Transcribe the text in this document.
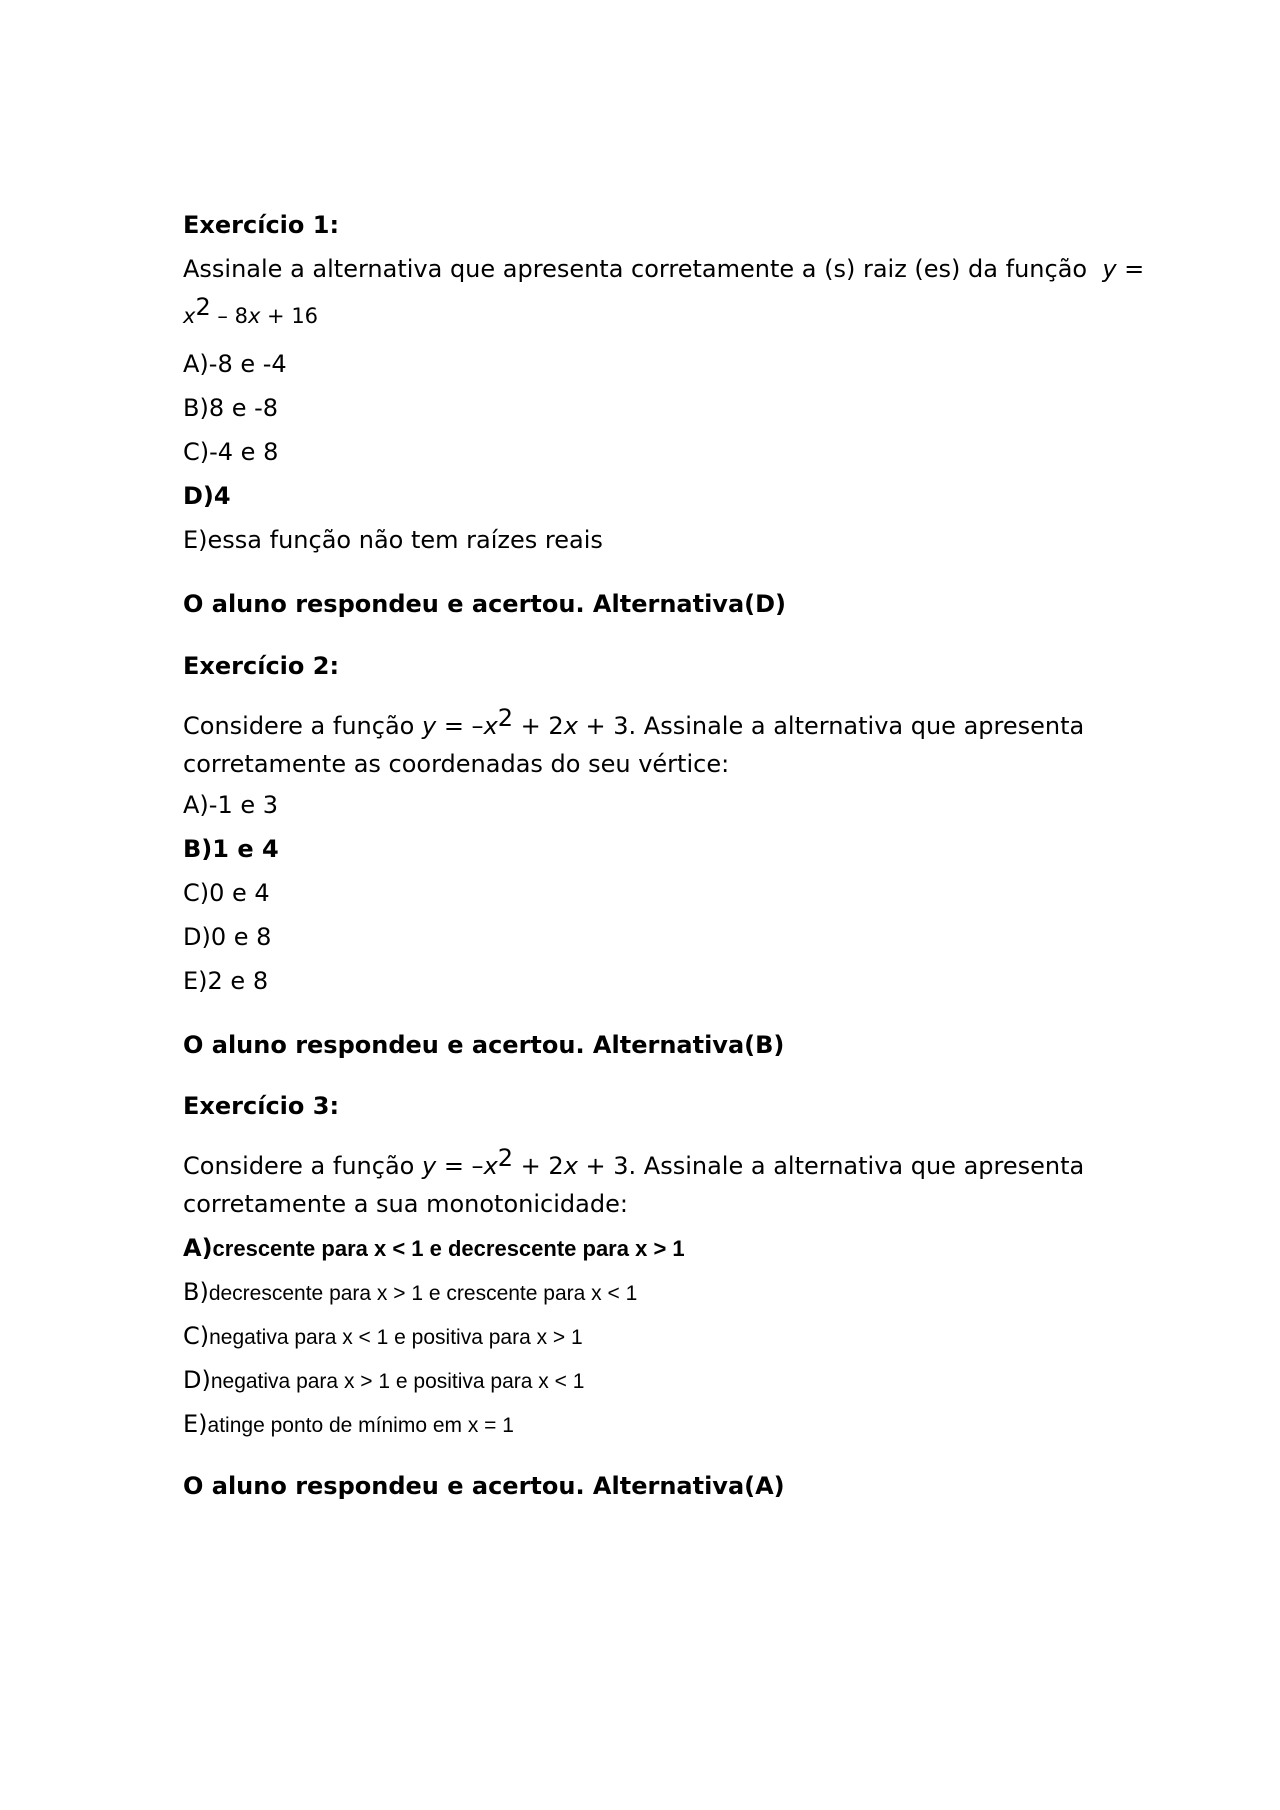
Exercício 1:
Assinale a alternativa que apresenta corretamente a (s) raiz (es) da função y =
$x^2 - 8x + 16$
A)-8 e -4
B)8 e -8
C)-4 e 8
D)4
E)essa função não tem raízes reais
O aluno respondeu e acertou. Alternativa(D)
Exercício 2:
Considere a função $y = -x^2 + 2x + 3$. Assinale a alternativa que apresenta
corretamente as coordenadas do seu vértice:
A)-1 e 3
B)1 e 4
C)0 e 4
D)0 e 8
E)2 e 8
O aluno respondeu e acertou. Alternativa(B)
Exercício 3:
Considere a função $y = -x^2 + 2x + 3$. Assinale a alternativa que apresenta
corretamente a sua monotonicidade:
A)crescente para x < 1 e decrescente para x > 1
B)decrescente para x > 1 e crescente para x < 1
C)negativa para x < 1 e positiva para x > 1
D)negativa para x > 1 e positiva para x < 1
E)atinge ponto de mínimo em x = 1
O aluno respondeu e acertou. Alternativa(A)
